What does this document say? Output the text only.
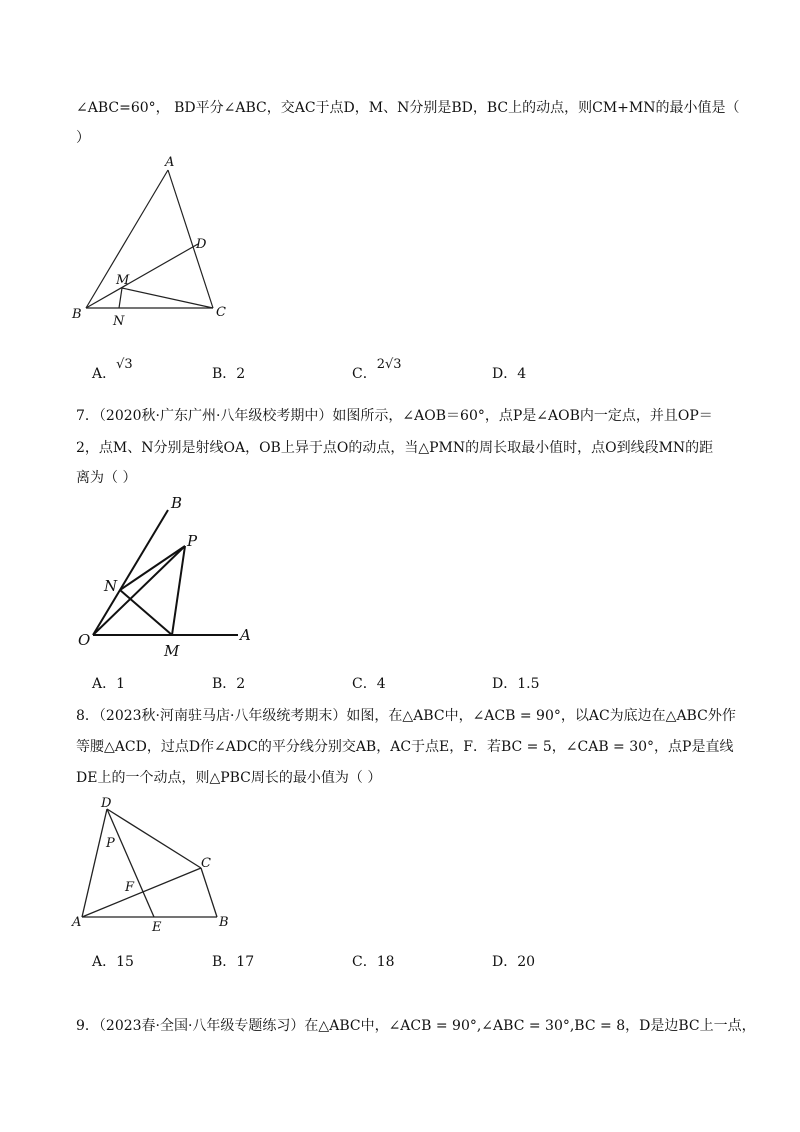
∠ABC=60°， BD平分∠ABC，交AC于点D，M、N分别是BD，BC上的动点，则CM+MN的最小值是（
）
A
D
M
B N
C
A．√3
B．2	C．2√3
D．4
7．（2020秋·广东广州·八年级校考期中）如图所示，∠AOB＝60°，点P是∠AOB内一定点，并且OP＝
2，点M、N分别是射线OA，OB上异于点O的动点，当△PMN的周长取最小值时，点O到线段MN的距
离为（ ）
B
P
N
O
M
A
A．1	B．2	C．4	D．1.5
8．（2023秋·河南驻马店·八年级统考期末）如图，在△ABC中，∠ACB = 90°，以AC为底边在△ABC外作
等腰△ACD，过点D作∠ADC的平分线分别交AB，AC于点E，F．若BC = 5，∠CAB = 30°，点P是直线
DE上的一个动点，则△PBC周长的最小值为（ ）
D
P
C
F
A	E	B
A．15	B．17	C．18	D．20
9．（2023春·全国·八年级专题练习）在△ABC中，∠ACB = 90°,∠ABC = 30°,BC = 8，D是边BC上一点，
